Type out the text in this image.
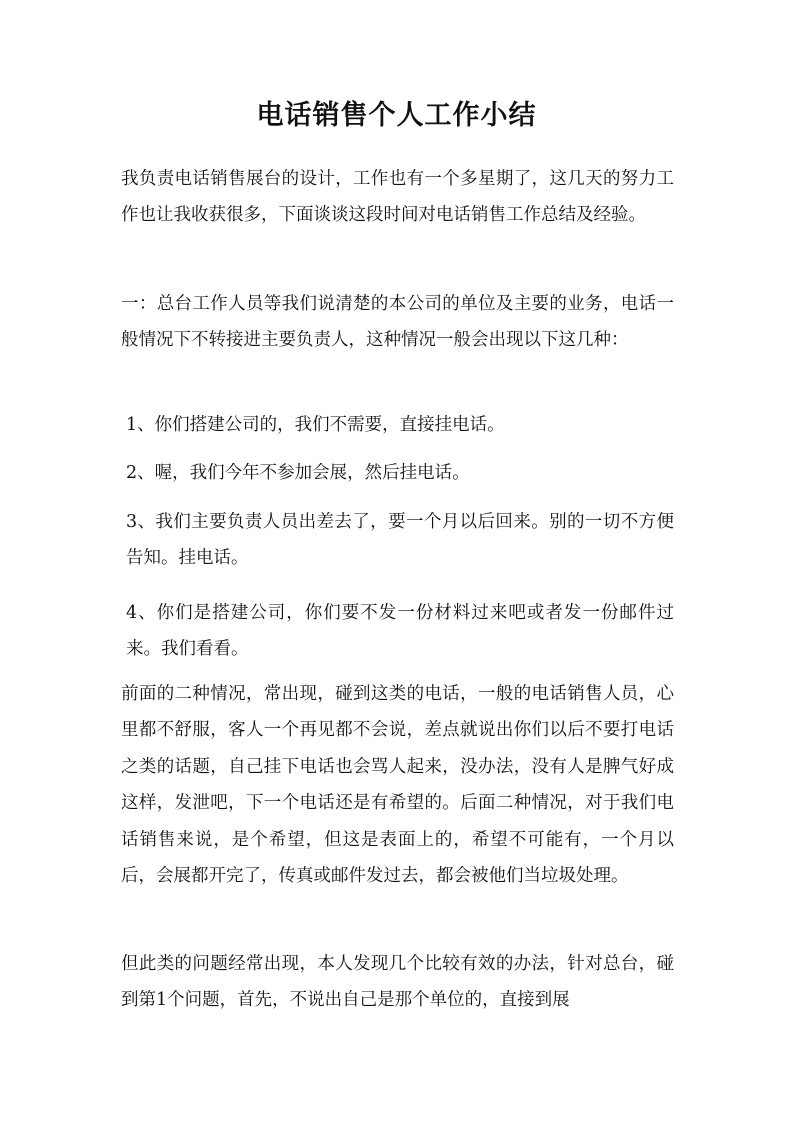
电话销售个人工作小结

我负责电话销售展台的设计，工作也有一个多星期了，这几天的努力工作也让我收获很多，下面谈谈这段时间对电话销售工作总结及经验。

一：总台工作人员等我们说清楚的本公司的单位及主要的业务，电话一般情况下不转接进主要负责人，这种情况一般会出现以下这几种：

1、你们搭建公司的，我们不需要，直接挂电话。

2、喔，我们今年不参加会展，然后挂电话。

3、我们主要负责人员出差去了，要一个月以后回来。别的一切不方便告知。挂电话。

4、你们是搭建公司，你们要不发一份材料过来吧或者发一份邮件过来。我们看看。

前面的二种情况，常出现，碰到这类的电话，一般的电话销售人员，心里都不舒服，客人一个再见都不会说，差点就说出你们以后不要打电话之类的话题，自己挂下电话也会骂人起来，没办法，没有人是脾气好成这样，发泄吧，下一个电话还是有希望的。后面二种情况，对于我们电话销售来说，是个希望，但这是表面上的，希望不可能有，一个月以后，会展都开完了，传真或邮件发过去，都会被他们当垃圾处理。

但此类的问题经常出现，本人发现几个比较有效的办法，针对总台，碰到第1个问题，首先，不说出自己是那个单位的，直接到展
